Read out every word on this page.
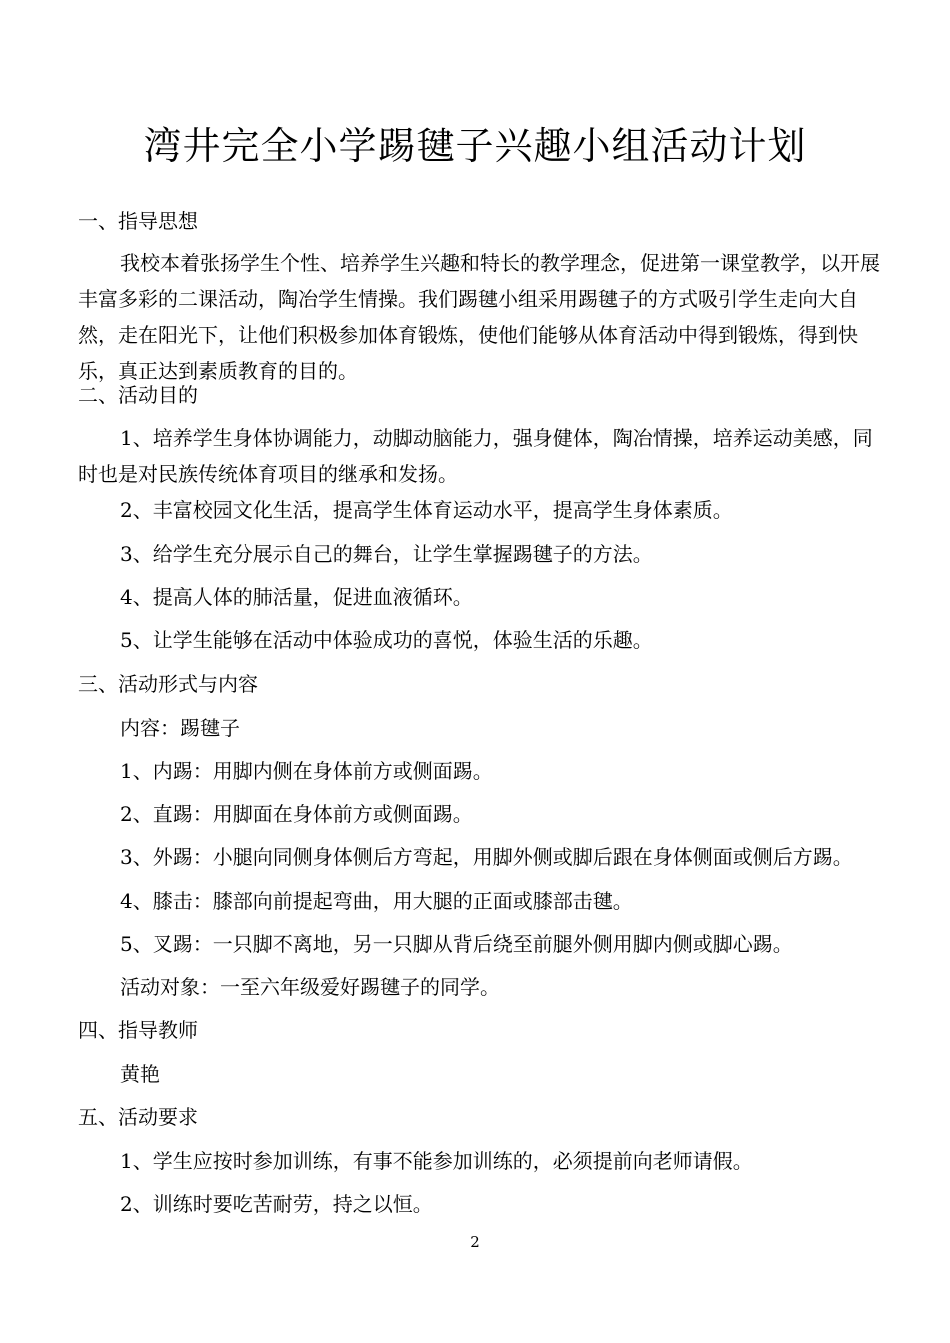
湾井完全小学踢毽子兴趣小组活动计划
一、指导思想
我校本着张扬学生个性、培养学生兴趣和特长的教学理念，促进第一课堂教学，以开展丰富多彩的二课活动，陶冶学生情操。我们踢毽小组采用踢毽子的方式吸引学生走向大自然，走在阳光下，让他们积极参加体育锻炼，使他们能够从体育活动中得到锻炼，得到快乐，真正达到素质教育的目的。
二、活动目的
1、培养学生身体协调能力，动脚动脑能力，强身健体，陶冶情操，培养运动美感，同时也是对民族传统体育项目的继承和发扬。
2、丰富校园文化生活，提高学生体育运动水平，提高学生身体素质。
3、给学生充分展示自己的舞台，让学生掌握踢毽子的方法。
4、提高人体的肺活量，促进血液循环。
5、让学生能够在活动中体验成功的喜悦，体验生活的乐趣。
三、活动形式与内容
内容：踢毽子
1、内踢：用脚内侧在身体前方或侧面踢。
2、直踢：用脚面在身体前方或侧面踢。
3、外踢：小腿向同侧身体侧后方弯起，用脚外侧或脚后跟在身体侧面或侧后方踢。
4、膝击：膝部向前提起弯曲，用大腿的正面或膝部击毽。
5、叉踢：一只脚不离地，另一只脚从背后绕至前腿外侧用脚内侧或脚心踢。
活动对象：一至六年级爱好踢毽子的同学。
四、指导教师
黄艳
五、活动要求
1、学生应按时参加训练，有事不能参加训练的，必须提前向老师请假。
2、训练时要吃苦耐劳，持之以恒。
2
